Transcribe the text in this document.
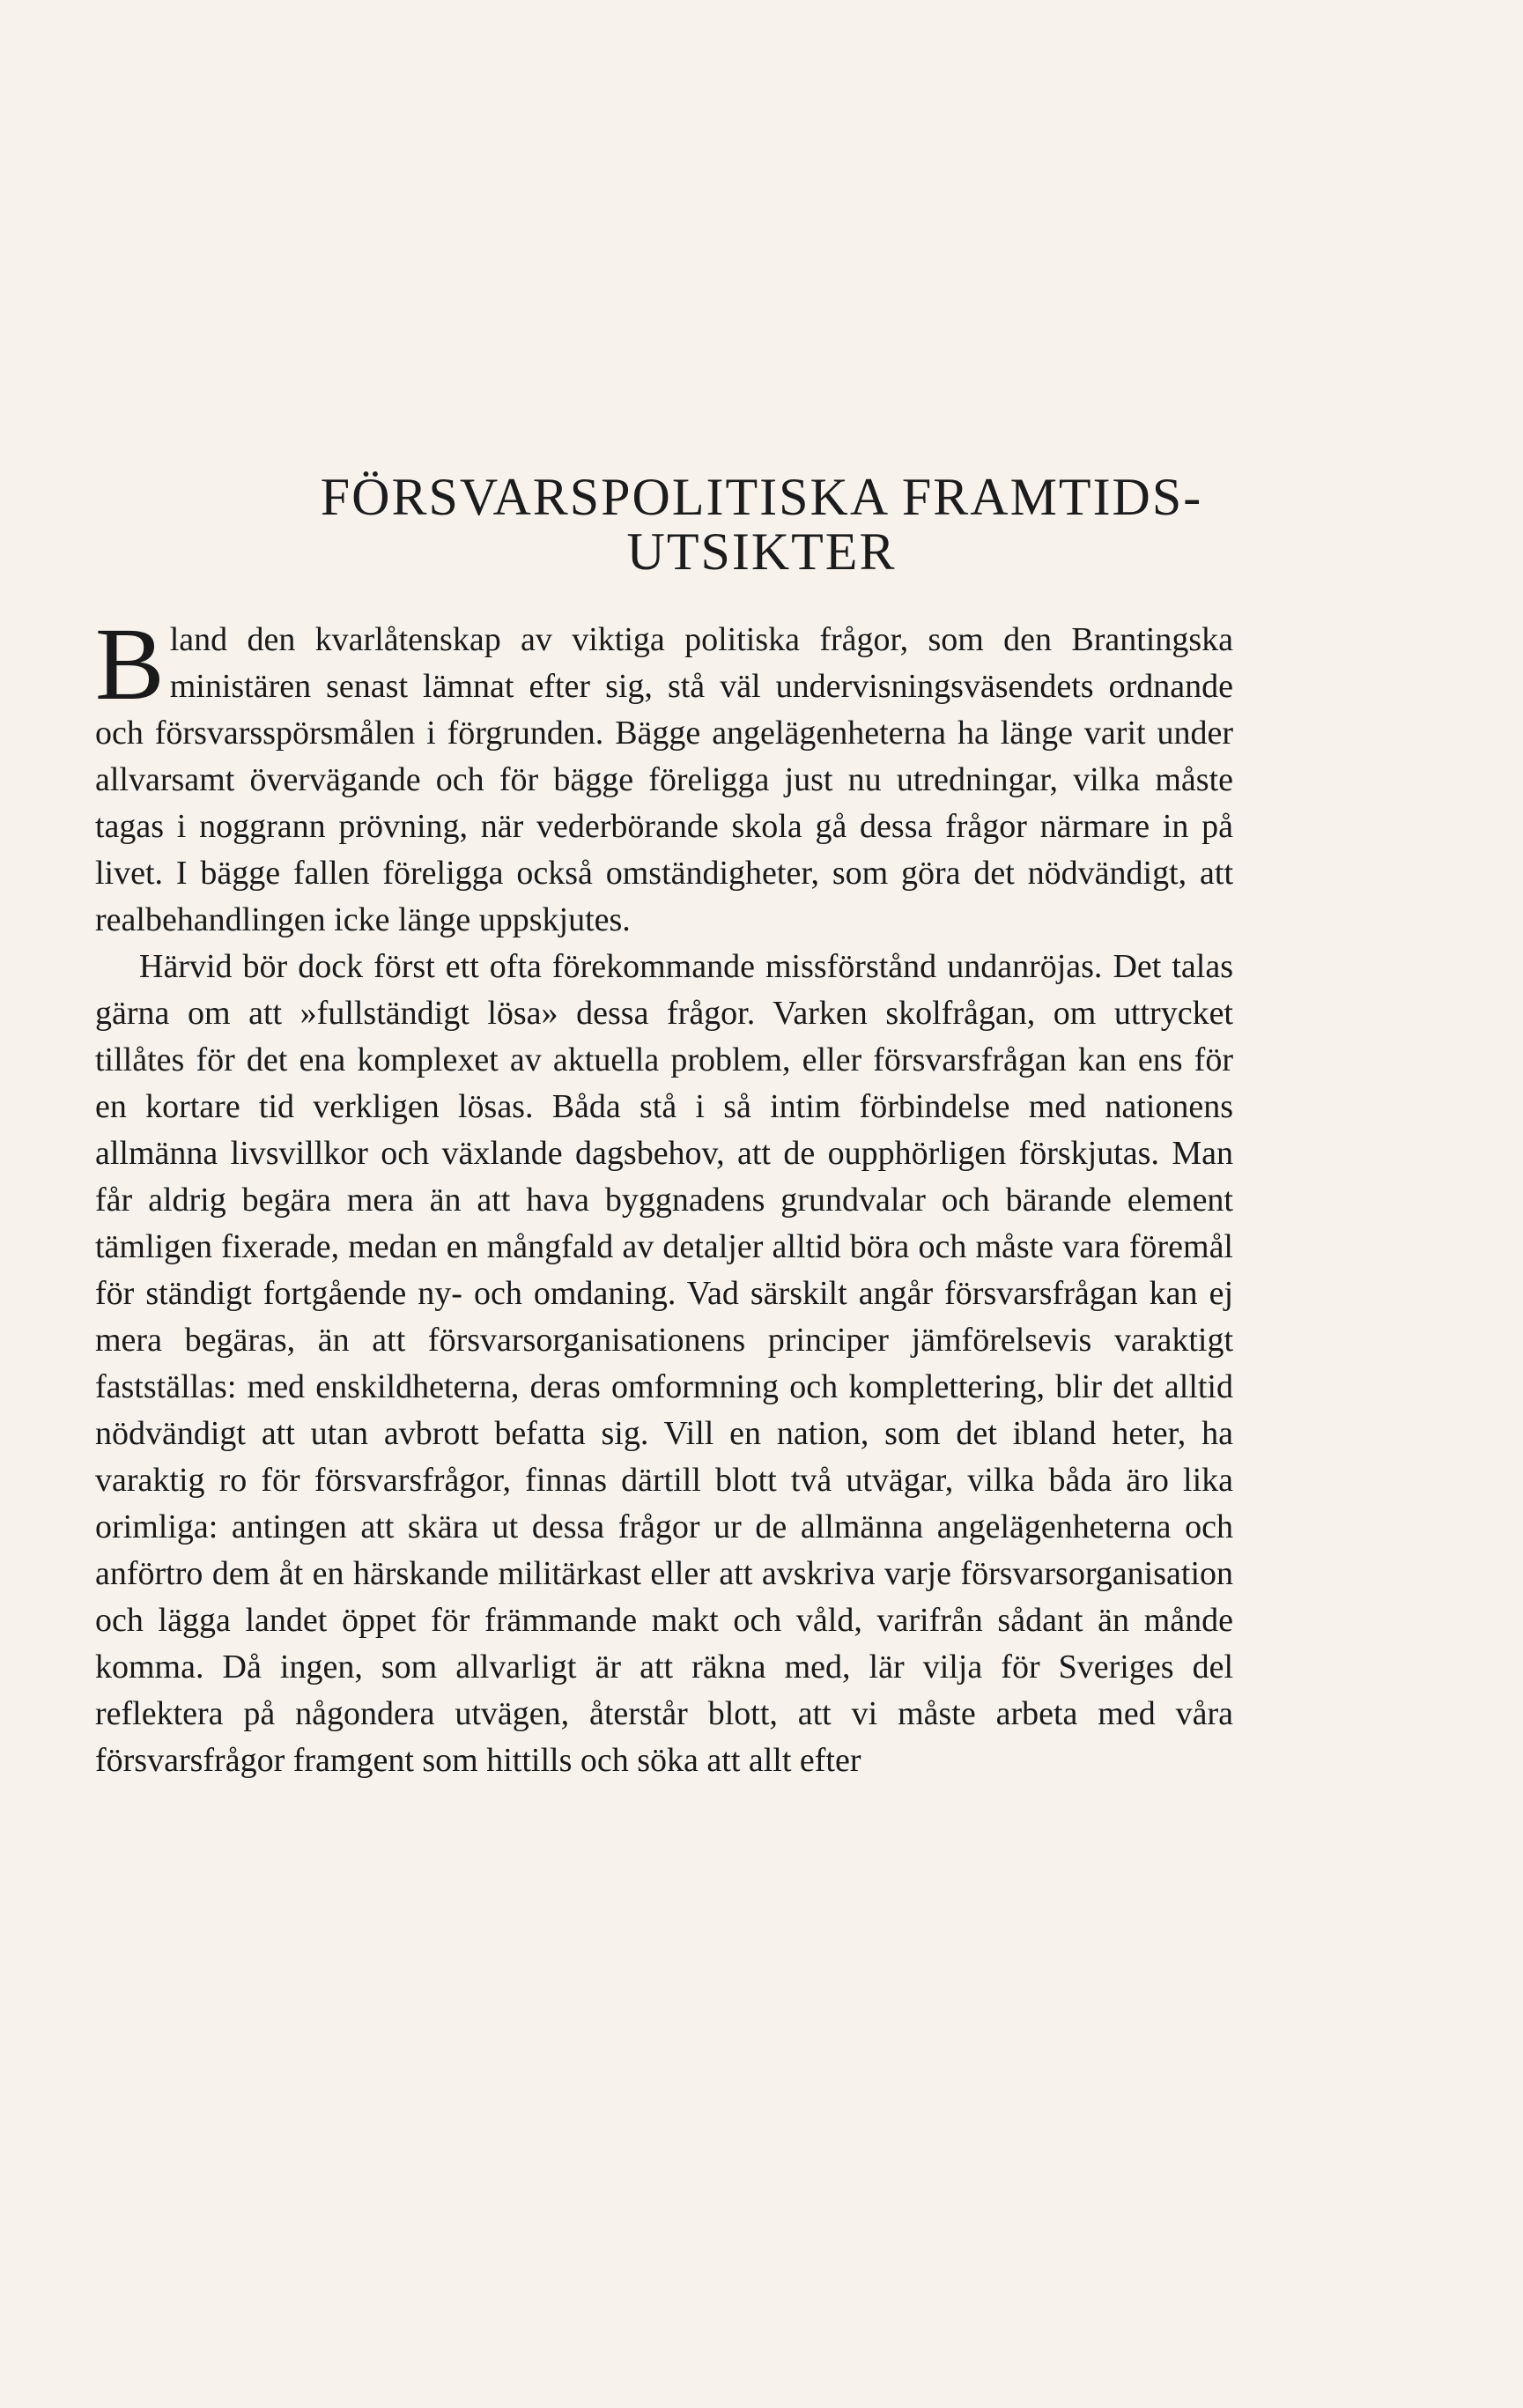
FÖRSVARSPOLITISKA FRAMTIDS-
UTSIKTER

Bland den kvarlåtenskap av viktiga politiska frågor, som den Brantingska ministären senast lämnat efter sig, stå väl undervisningsväsendets ordnande och försvarsspörsmålen i förgrunden. Bägge angelägenheterna ha länge varit under allvarsamt övervägande och för bägge föreligga just nu utredningar, vilka måste tagas i noggrann prövning, när vederbörande skola gå dessa frågor närmare in på livet. I bägge fallen föreligga också omständigheter, som göra det nödvändigt, att realbehandlingen icke länge uppskjutes.

Härvid bör dock först ett ofta förekommande missförstånd undanröjas. Det talas gärna om att »fullständigt lösa» dessa frågor. Varken skolfrågan, om uttrycket tillåtes för det ena komplexet av aktuella problem, eller försvarsfrågan kan ens för en kortare tid verkligen lösas. Båda stå i så intim förbindelse med nationens allmänna livsvillkor och växlande dagsbehov, att de oupphörligen förskjutas. Man får aldrig begära mera än att hava byggnadens grundvalar och bärande element tämligen fixerade, medan en mångfald av detaljer alltid böra och måste vara föremål för ständigt fortgående ny- och omdaning. Vad särskilt angår försvarsfrågan kan ej mera begäras, än att försvarsorganisationens principer jämförelsevis varaktigt fastställas: med enskildheterna, deras omformning och komplettering, blir det alltid nödvändigt att utan avbrott befatta sig. Vill en nation, som det ibland heter, ha varaktig ro för försvarsfrågor, finnas därtill blott två utvägar, vilka båda äro lika orimliga: antingen att skära ut dessa frågor ur de allmänna angelägenheterna och anförtro dem åt en härskande militärkast eller att avskriva varje försvarsorganisation och lägga landet öppet för främmande makt och våld, varifrån sådant än månde komma. Då ingen, som allvarligt är att räkna med, lär vilja för Sveriges del reflektera på någondera utvägen, återstår blott, att vi måste arbeta med våra försvarsfrågor framgent som hittills och söka att allt efter
